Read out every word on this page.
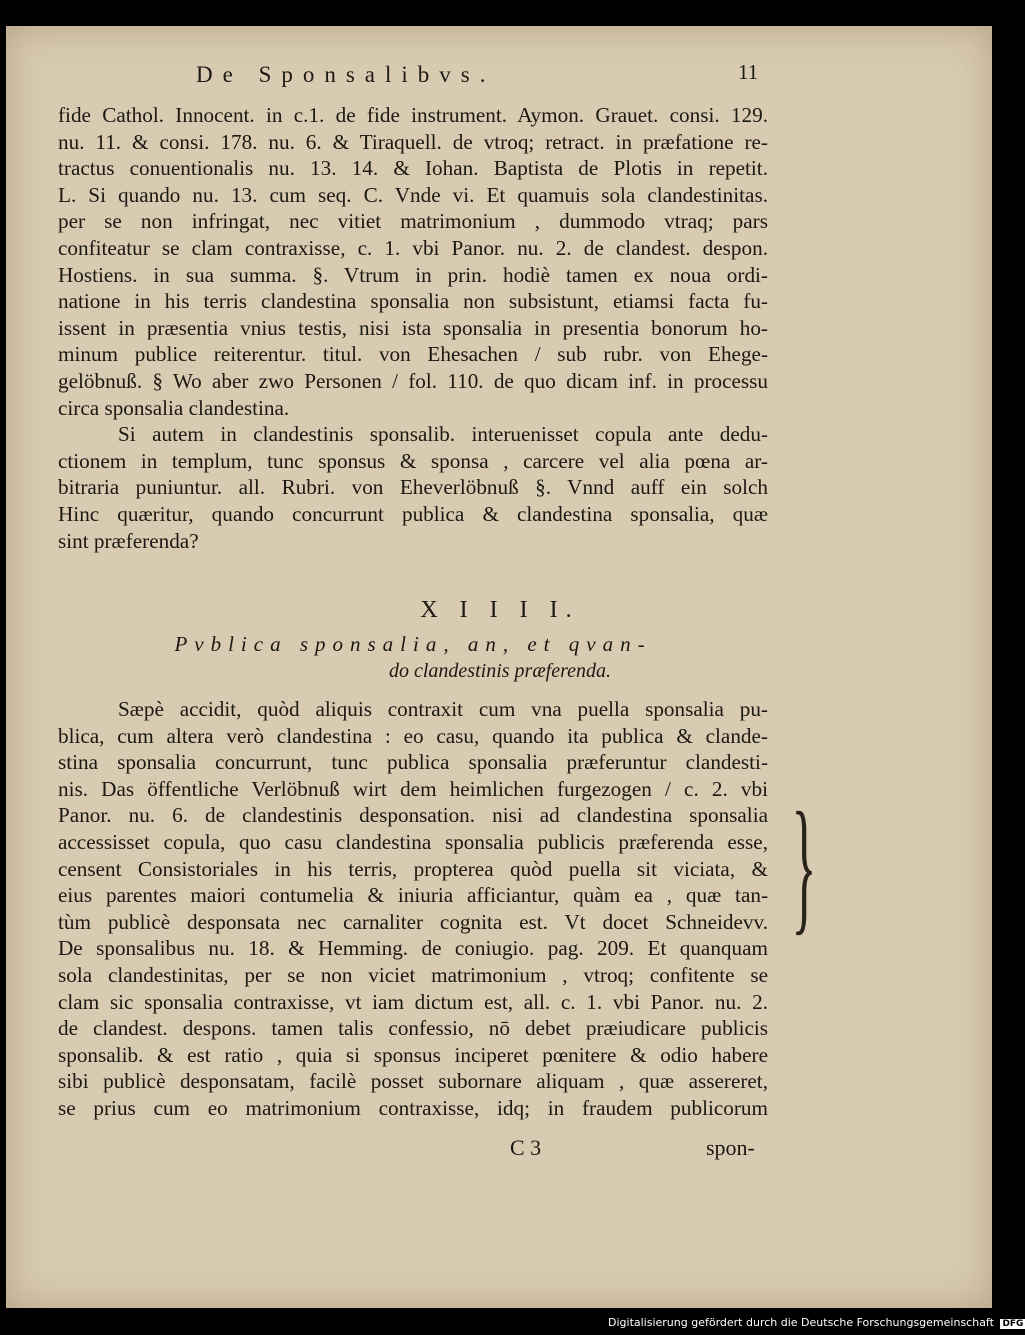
De Sponsalibvs.	11
fide Cathol. Innocent. in c.1. de fide instrument. Aymon. Grauet. consi. 129.
nu. 11. & consi. 178. nu. 6. & Tiraquell. de vtroq; retract. in præfatione re-
tractus conuentionalis nu. 13. 14. & Iohan. Baptista de Plotis in repetit.
L. Si quando nu. 13. cum seq. C. Vnde vi. Et quamuis sola clandestinitas.
per se non infringat, nec vitiet matrimonium , dummodo vtraq; pars
confiteatur se clam contraxisse, c. 1. vbi Panor. nu. 2. de clandest. despon.
Hostiens. in sua summa. §. Vtrum in prin. hodiè tamen ex noua ordi-
natione in his terris clandestina sponsalia non subsistunt, etiamsi facta fu-
issent in præsentia vnius testis, nisi ista sponsalia in presentia bonorum ho-
minum publice reiterentur. titul. von Ehesachen / sub rubr. von Ehege-
gelöbnuß. § Wo aber zwo Personen / fol. 110. de quo dicam inf. in processu
circa sponsalia clandestina.
Si autem in clandestinis sponsalib. interuenisset copula ante dedu-
ctionem in templum, tunc sponsus & sponsa , carcere vel alia pœna ar-
bitraria puniuntur. all. Rubri. von Eheverlöbnuß §. Vnnd auff ein solch
Hinc quæritur, quando concurrunt publica & clandestina sponsalia, quæ
sint præferenda?
X I I I I.
Pvblica sponsalia, an, et qvan-
do clandestinis præferenda.
Sæpè accidit, quòd aliquis contraxit cum vna puella sponsalia pu-
blica, cum altera verò clandestina : eo casu, quando ita publica & clande-
stina sponsalia concurrunt, tunc publica sponsalia præferuntur clandesti-
nis. Das öffentliche Verlöbnuß wirt dem heimlichen furgezogen / c. 2. vbi
Panor. nu. 6. de clandestinis desponsation. nisi ad clandestina sponsalia
accessisset copula, quo casu clandestina sponsalia publicis præferenda esse,
censent Consistoriales in his terris, propterea quòd puella sit viciata, &
eius parentes maiori contumelia & iniuria afficiantur, quàm ea , quæ tan-
tùm publicè desponsata nec carnaliter cognita est. Vt docet Schneidevv.
De sponsalibus nu. 18. & Hemming. de coniugio. pag. 209. Et quanquam
sola clandestinitas, per se non viciet matrimonium , vtroq; confitente se
clam sic sponsalia contraxisse, vt iam dictum est, all. c. 1. vbi Panor. nu. 2.
de clandest. despons. tamen talis confessio, nō debet præiudicare publicis
sponsalib. & est ratio , quia si sponsus inciperet pœnitere & odio habere
sibi publicè desponsatam, facilè posset subornare aliquam , quæ assereret,
se prius cum eo matrimonium contraxisse, idq; in fraudem publicorum
}
C 3	spon-
Digitalisierung gefördert durch die Deutsche Forschungsgemeinschaft DFG
